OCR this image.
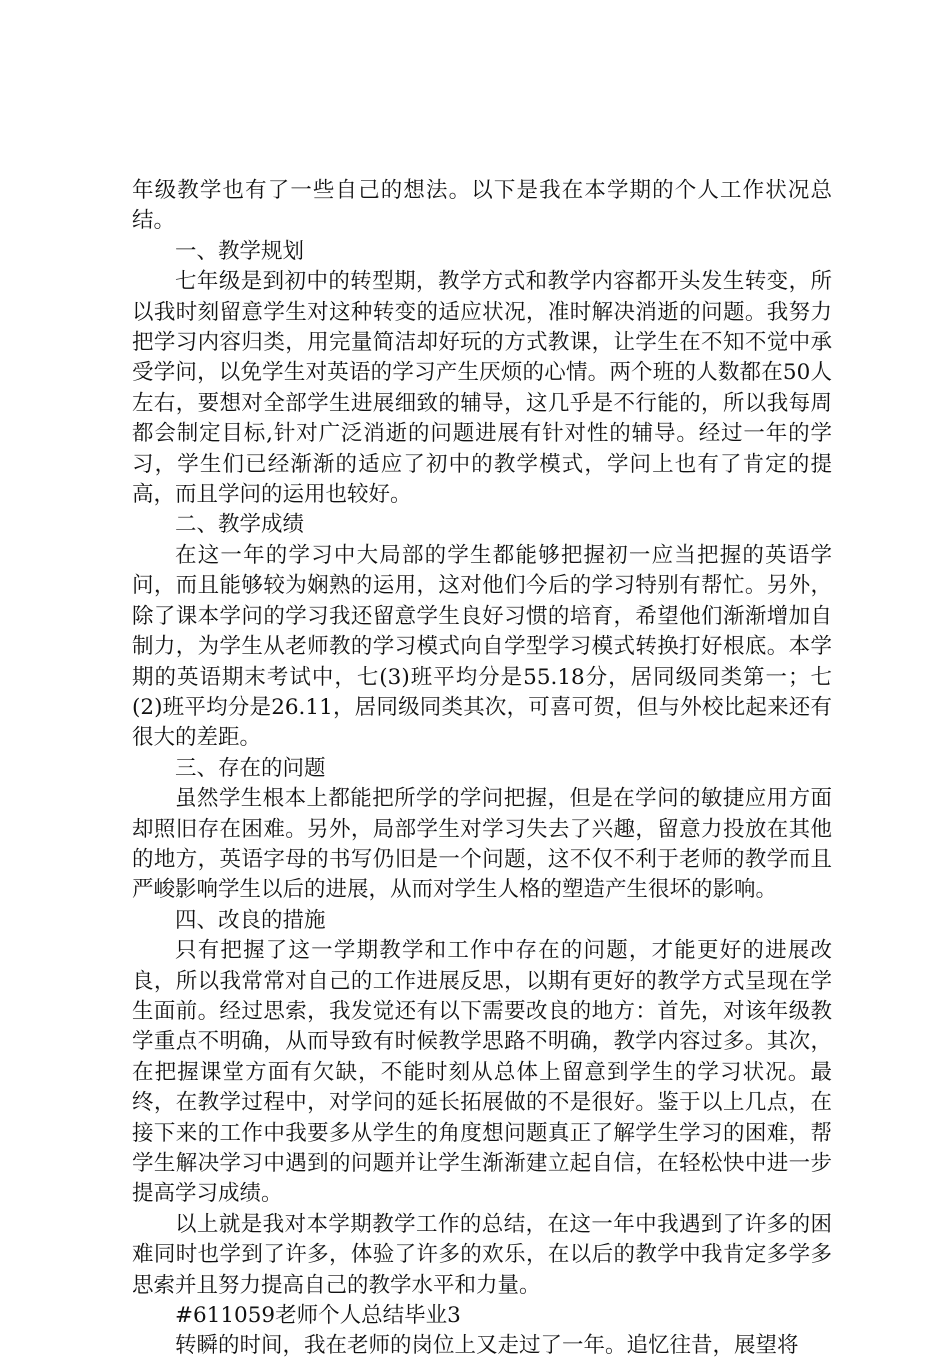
年级教学也有了一些自己的想法。以下是我在本学期的个人工作状况总结。

一、教学规划

七年级是到初中的转型期，教学方式和教学内容都开头发生转变，所以我时刻留意学生对这种转变的适应状况，准时解决消逝的问题。我努力把学习内容归类，用完量简洁却好玩的方式教课，让学生在不知不觉中承受学问，以免学生对英语的学习产生厌烦的心情。两个班的人数都在50人左右，要想对全部学生进展细致的辅导，这几乎是不行能的，所以我每周都会制定目标,针对广泛消逝的问题进展有针对性的辅导。经过一年的学习，学生们已经渐渐的适应了初中的教学模式，学问上也有了肯定的提高，而且学问的运用也较好。

二、教学成绩

在这一年的学习中大局部的学生都能够把握初一应当把握的英语学问，而且能够较为娴熟的运用，这对他们今后的学习特别有帮忙。另外，除了课本学问的学习我还留意学生良好习惯的培育，希望他们渐渐增加自制力，为学生从老师教的学习模式向自学型学习模式转换打好根底。本学期的英语期末考试中，七(3)班平均分是55.18分，居同级同类第一；七(2)班平均分是26.11，居同级同类其次，可喜可贺，但与外校比起来还有很大的差距。

三、存在的问题

虽然学生根本上都能把所学的学问把握，但是在学问的敏捷应用方面却照旧存在困难。另外，局部学生对学习失去了兴趣，留意力投放在其他的地方，英语字母的书写仍旧是一个问题，这不仅不利于老师的教学而且严峻影响学生以后的进展，从而对学生人格的塑造产生很坏的影响。

四、改良的措施

只有把握了这一学期教学和工作中存在的问题，才能更好的进展改良，所以我常常对自己的工作进展反思，以期有更好的教学方式呈现在学生面前。经过思索，我发觉还有以下需要改良的地方：首先，对该年级教学重点不明确，从而导致有时候教学思路不明确，教学内容过多。其次，在把握课堂方面有欠缺，不能时刻从总体上留意到学生的学习状况。最终，在教学过程中，对学问的延长拓展做的不是很好。鉴于以上几点，在接下来的工作中我要多从学生的角度想问题真正了解学生学习的困难，帮学生解决学习中遇到的问题并让学生渐渐建立起自信，在轻松快中进一步提高学习成绩。

以上就是我对本学期教学工作的总结，在这一年中我遇到了许多的困难同时也学到了许多，体验了许多的欢乐，在以后的教学中我肯定多学多思索并且努力提高自己的教学水平和力量。

#611059老师个人总结毕业3

转瞬的时间，我在老师的岗位上又走过了一年。追忆往昔，展望将
